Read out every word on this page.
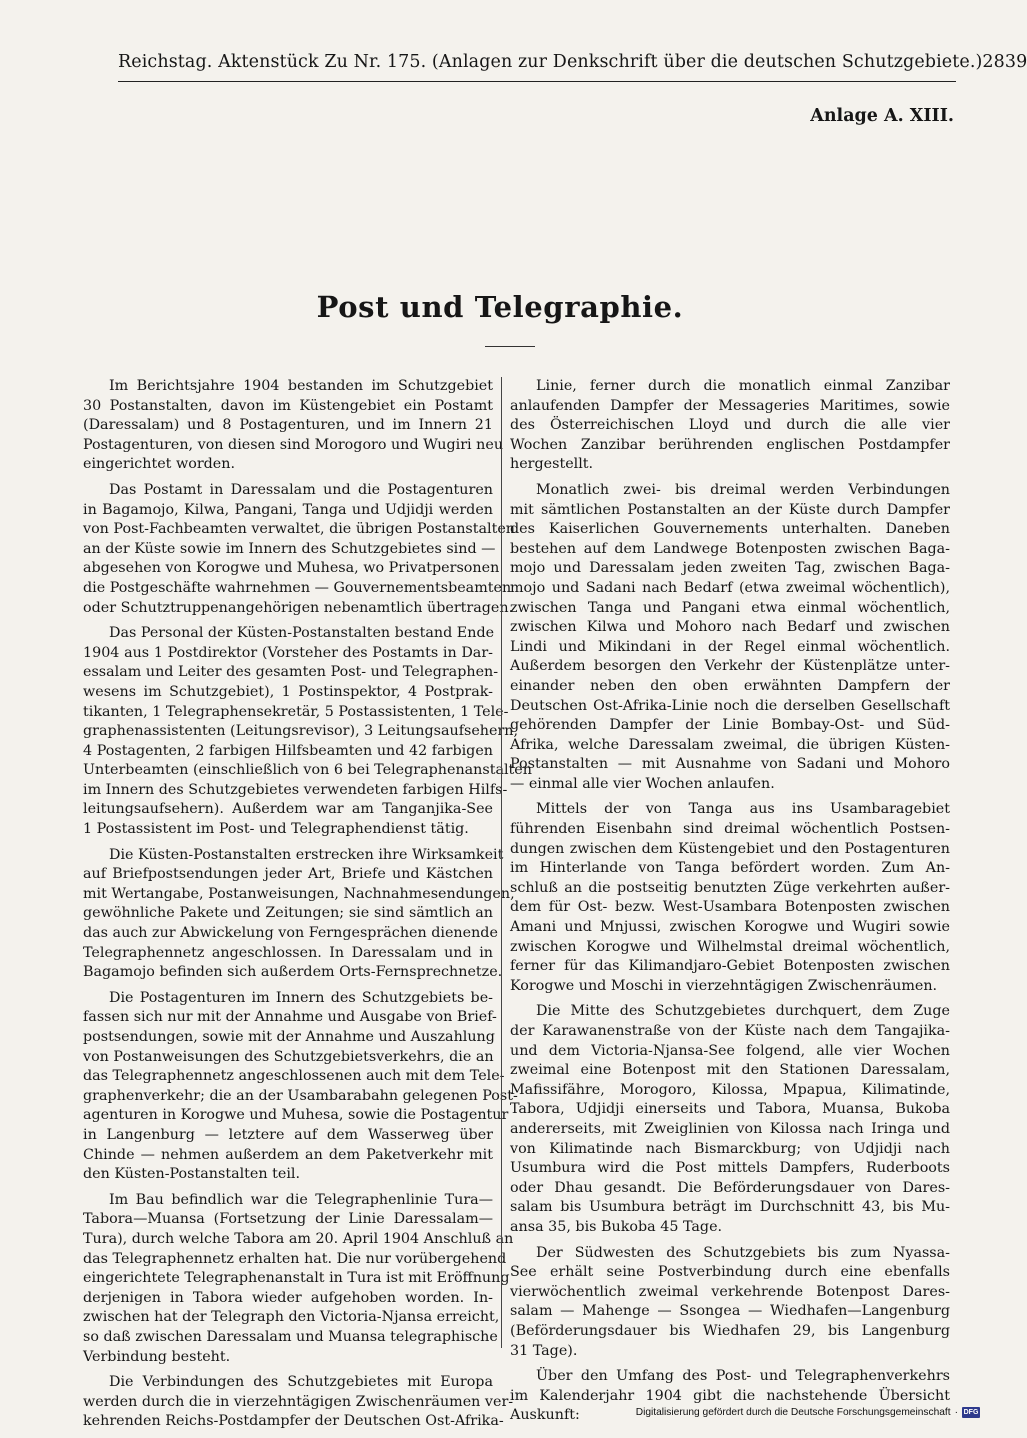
Reichstag. Aktenstück Zu Nr. 175. (Anlagen zur Denkschrift über die deutschen Schutzgebiete.) 2839
Anlage A. XIII.
Post und Telegraphie.
Im Berichtsjahre 1904 bestanden im Schutzgebiet
30 Postanstalten, davon im Küstengebiet ein Postamt
(Daressalam) und 8 Postagenturen, und im Innern 21
Postagenturen, von diesen sind Morogoro und Wugiri neu
eingerichtet worden.
Das Postamt in Daressalam und die Postagenturen
in Bagamojo, Kilwa, Pangani, Tanga und Udjidji werden
von Post-Fachbeamten verwaltet, die übrigen Postanstalten
an der Küste sowie im Innern des Schutzgebietes sind —
abgesehen von Korogwe und Muhesa, wo Privatpersonen
die Postgeschäfte wahrnehmen — Gouvernementsbeamten
oder Schutztruppenangehörigen nebenamtlich übertragen.
Das Personal der Küsten-Postanstalten bestand Ende
1904 aus 1 Postdirektor (Vorsteher des Postamts in Dar-
essalam und Leiter des gesamten Post- und Telegraphen-
wesens im Schutzgebiet), 1 Postinspektor, 4 Postprak-
tikanten, 1 Telegraphensekretär, 5 Postassistenten, 1 Tele-
graphenassistenten (Leitungsrevisor), 3 Leitungsaufsehern,
4 Postagenten, 2 farbigen Hilfsbeamten und 42 farbigen
Unterbeamten (einschließlich von 6 bei Telegraphenanstalten
im Innern des Schutzgebietes verwendeten farbigen Hilfs-
leitungsaufsehern). Außerdem war am Tanganjika-See
1 Postassistent im Post- und Telegraphendienst tätig.
Die Küsten-Postanstalten erstrecken ihre Wirksamkeit
auf Briefpostsendungen jeder Art, Briefe und Kästchen
mit Wertangabe, Postanweisungen, Nachnahmesendungen,
gewöhnliche Pakete und Zeitungen; sie sind sämtlich an
das auch zur Abwickelung von Ferngesprächen dienende
Telegraphennetz angeschlossen. In Daressalam und in
Bagamojo befinden sich außerdem Orts-Fernsprechnetze.
Die Postagenturen im Innern des Schutzgebiets be-
fassen sich nur mit der Annahme und Ausgabe von Brief-
postsendungen, sowie mit der Annahme und Auszahlung
von Postanweisungen des Schutzgebietsverkehrs, die an
das Telegraphennetz angeschlossenen auch mit dem Tele-
graphenverkehr; die an der Usambarabahn gelegenen Post-
agenturen in Korogwe und Muhesa, sowie die Postagentur
in Langenburg — letztere auf dem Wasserweg über
Chinde — nehmen außerdem an dem Paketverkehr mit
den Küsten-Postanstalten teil.
Im Bau befindlich war die Telegraphenlinie Tura—
Tabora—Muansa (Fortsetzung der Linie Daressalam—
Tura), durch welche Tabora am 20. April 1904 Anschluß an
das Telegraphennetz erhalten hat. Die nur vorübergehend
eingerichtete Telegraphenanstalt in Tura ist mit Eröffnung
derjenigen in Tabora wieder aufgehoben worden. In-
zwischen hat der Telegraph den Victoria-Njansa erreicht,
so daß zwischen Daressalam und Muansa telegraphische
Verbindung besteht.
Die Verbindungen des Schutzgebietes mit Europa
werden durch die in vierzehntägigen Zwischenräumen ver-
kehrenden Reichs-Postdampfer der Deutschen Ost-Afrika-
Linie, ferner durch die monatlich einmal Zanzibar
anlaufenden Dampfer der Messageries Maritimes, sowie
des Österreichischen Lloyd und durch die alle vier
Wochen Zanzibar berührenden englischen Postdampfer
hergestellt.
Monatlich zwei- bis dreimal werden Verbindungen
mit sämtlichen Postanstalten an der Küste durch Dampfer
des Kaiserlichen Gouvernements unterhalten. Daneben
bestehen auf dem Landwege Botenposten zwischen Baga-
mojo und Daressalam jeden zweiten Tag, zwischen Baga-
mojo und Sadani nach Bedarf (etwa zweimal wöchentlich),
zwischen Tanga und Pangani etwa einmal wöchentlich,
zwischen Kilwa und Mohoro nach Bedarf und zwischen
Lindi und Mikindani in der Regel einmal wöchentlich.
Außerdem besorgen den Verkehr der Küstenplätze unter-
einander neben den oben erwähnten Dampfern der
Deutschen Ost-Afrika-Linie noch die derselben Gesellschaft
gehörenden Dampfer der Linie Bombay-Ost- und Süd-
Afrika, welche Daressalam zweimal, die übrigen Küsten-
Postanstalten — mit Ausnahme von Sadani und Mohoro
— einmal alle vier Wochen anlaufen.
Mittels der von Tanga aus ins Usambaragebiet
führenden Eisenbahn sind dreimal wöchentlich Postsen-
dungen zwischen dem Küstengebiet und den Postagenturen
im Hinterlande von Tanga befördert worden. Zum An-
schluß an die postseitig benutzten Züge verkehrten außer-
dem für Ost- bezw. West-Usambara Botenposten zwischen
Amani und Mnjussi, zwischen Korogwe und Wugiri sowie
zwischen Korogwe und Wilhelmstal dreimal wöchentlich,
ferner für das Kilimandjaro-Gebiet Botenposten zwischen
Korogwe und Moschi in vierzehntägigen Zwischenräumen.
Die Mitte des Schutzgebietes durchquert, dem Zuge
der Karawanenstraße von der Küste nach dem Tangajika-
und dem Victoria-Njansa-See folgend, alle vier Wochen
zweimal eine Botenpost mit den Stationen Daressalam,
Mafissifähre, Morogoro, Kilossa, Mpapua, Kilimatinde,
Tabora, Udjidji einerseits und Tabora, Muansa, Bukoba
andererseits, mit Zweiglinien von Kilossa nach Iringa und
von Kilimatinde nach Bismarckburg; von Udjidji nach
Usumbura wird die Post mittels Dampfers, Ruderboots
oder Dhau gesandt. Die Beförderungsdauer von Dares-
salam bis Usumbura beträgt im Durchschnitt 43, bis Mu-
ansa 35, bis Bukoba 45 Tage.
Der Südwesten des Schutzgebiets bis zum Nyassa-
See erhält seine Postverbindung durch eine ebenfalls
vierwöchentlich zweimal verkehrende Botenpost Dares-
salam — Mahenge — Ssongea — Wiedhafen—Langenburg
(Beförderungsdauer bis Wiedhafen 29, bis Langenburg
31 Tage).
Über den Umfang des Post- und Telegraphenverkehrs
im Kalenderjahr 1904 gibt die nachstehende Übersicht
Auskunft:	Digitalisierung gefördert durch die Deutsche Forschungsgemeinschaft · DFG
